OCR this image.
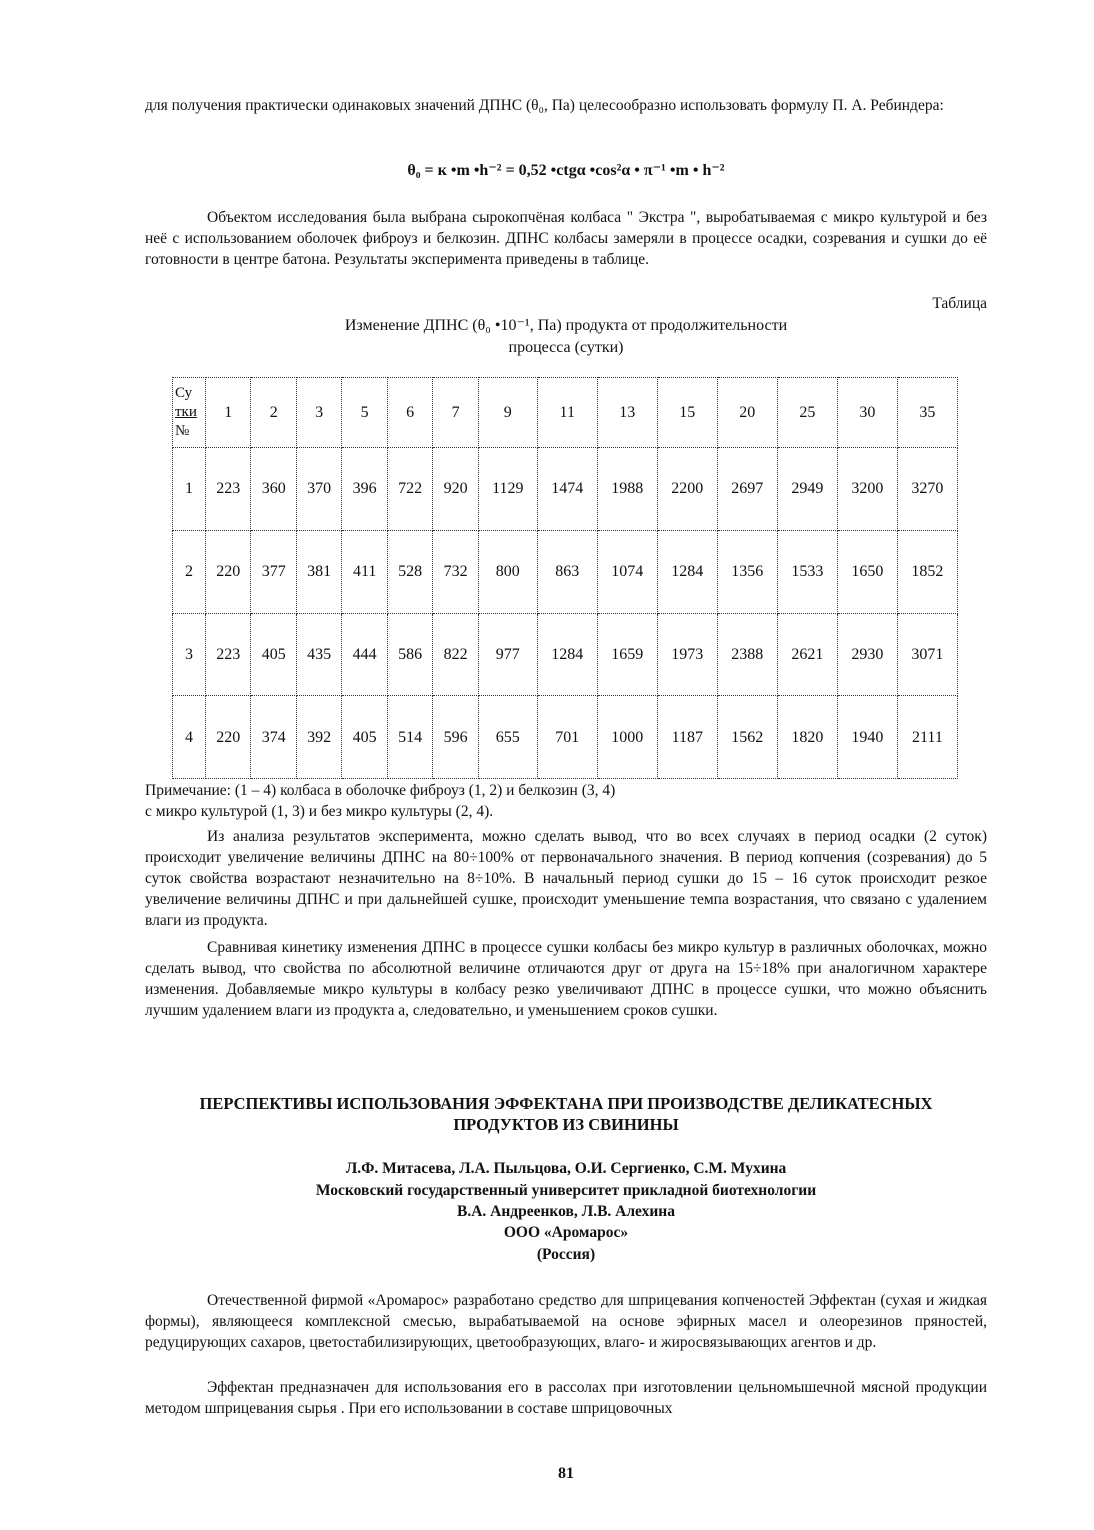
для получения практически одинаковых значений ДПНС (θ₀, Па) целесообразно использовать формулу П. А. Ребиндера:
θ₀ = к •m •h⁻² = 0,52 •ctgα •cos²α • π⁻¹ •m • h⁻²
Объектом исследования была выбрана сырокопчёная колбаса " Экстра ", выробатываемая с микро культурой и без неё с использованием оболочек фиброуз и белкозин. ДПНС колбасы замеряли в процессе осадки, созревания и сушки до её готовности в центре батона. Результаты эксперимента приведены в таблице.
Таблица
Изменение ДПНС (θ₀ •10⁻¹, Па) продукта от продолжительности
процесса (сутки)
Су
тки
№	1	2	3	5	6	7	9	11	13	15	20	25	30	35
1	223	360	370	396	722	920	1129	1474	1988	2200	2697	2949	3200	3270
2	220	377	381	411	528	732	800	863	1074	1284	1356	1533	1650	1852
3	223	405	435	444	586	822	977	1284	1659	1973	2388	2621	2930	3071
4	220	374	392	405	514	596	655	701	1000	1187	1562	1820	1940	2111
Примечание: (1 – 4) колбаса в оболочке фиброуз (1, 2) и белкозин (3, 4)
с микро культурой (1, 3) и без микро культуры (2, 4).
Из анализа результатов эксперимента, можно сделать вывод, что во всех случаях в период осадки (2 суток) происходит увеличение величины ДПНС на 80÷100% от первоначального значения. В период копчения (созревания) до 5 суток свойства возрастают незначительно на 8÷10%. В начальный период сушки до 15 – 16 суток происходит резкое увеличение величины ДПНС и при дальнейшей сушке, происходит уменьшение темпа возрастания, что связано с удалением влаги из продукта.
Сравнивая кинетику изменения ДПНС в процессе сушки колбасы без микро культур в различных оболочках, можно сделать вывод, что свойства по абсолютной величине отличаются друг от друга на 15÷18% при аналогичном характере изменения. Добавляемые микро культуры в колбасу резко увеличивают ДПНС в процессе сушки, что можно объяснить лучшим удалением влаги из продукта а, следовательно, и уменьшением сроков сушки.
ПЕРСПЕКТИВЫ ИСПОЛЬЗОВАНИЯ ЭФФЕКТАНА ПРИ ПРОИЗВОДСТВЕ ДЕЛИКАТЕСНЫХ
ПРОДУКТОВ ИЗ СВИНИНЫ
Л.Ф. Митасева, Л.А. Пыльцова, О.И. Сергиенко, С.М. Мухина
Московский государственный университет прикладной биотехнологии
В.А. Андреенков, Л.В. Алехина
ООО «Аромарос»
(Россия)
Отечественной фирмой «Аромарос» разработано средство для шприцевания копченостей Эффектан (сухая и жидкая формы), являющееся комплексной смесью, вырабатываемой на основе эфирных масел и олеорезинов пряностей, редуцирующих сахаров, цветостабилизирующих, цветообразующих, влаго- и жиросвязывающих агентов и др.
Эффектан предназначен для использования его в рассолах при изготовлении цельномышечной мясной продукции методом шприцевания сырья . При его использовании в составе шприцовочных
81
